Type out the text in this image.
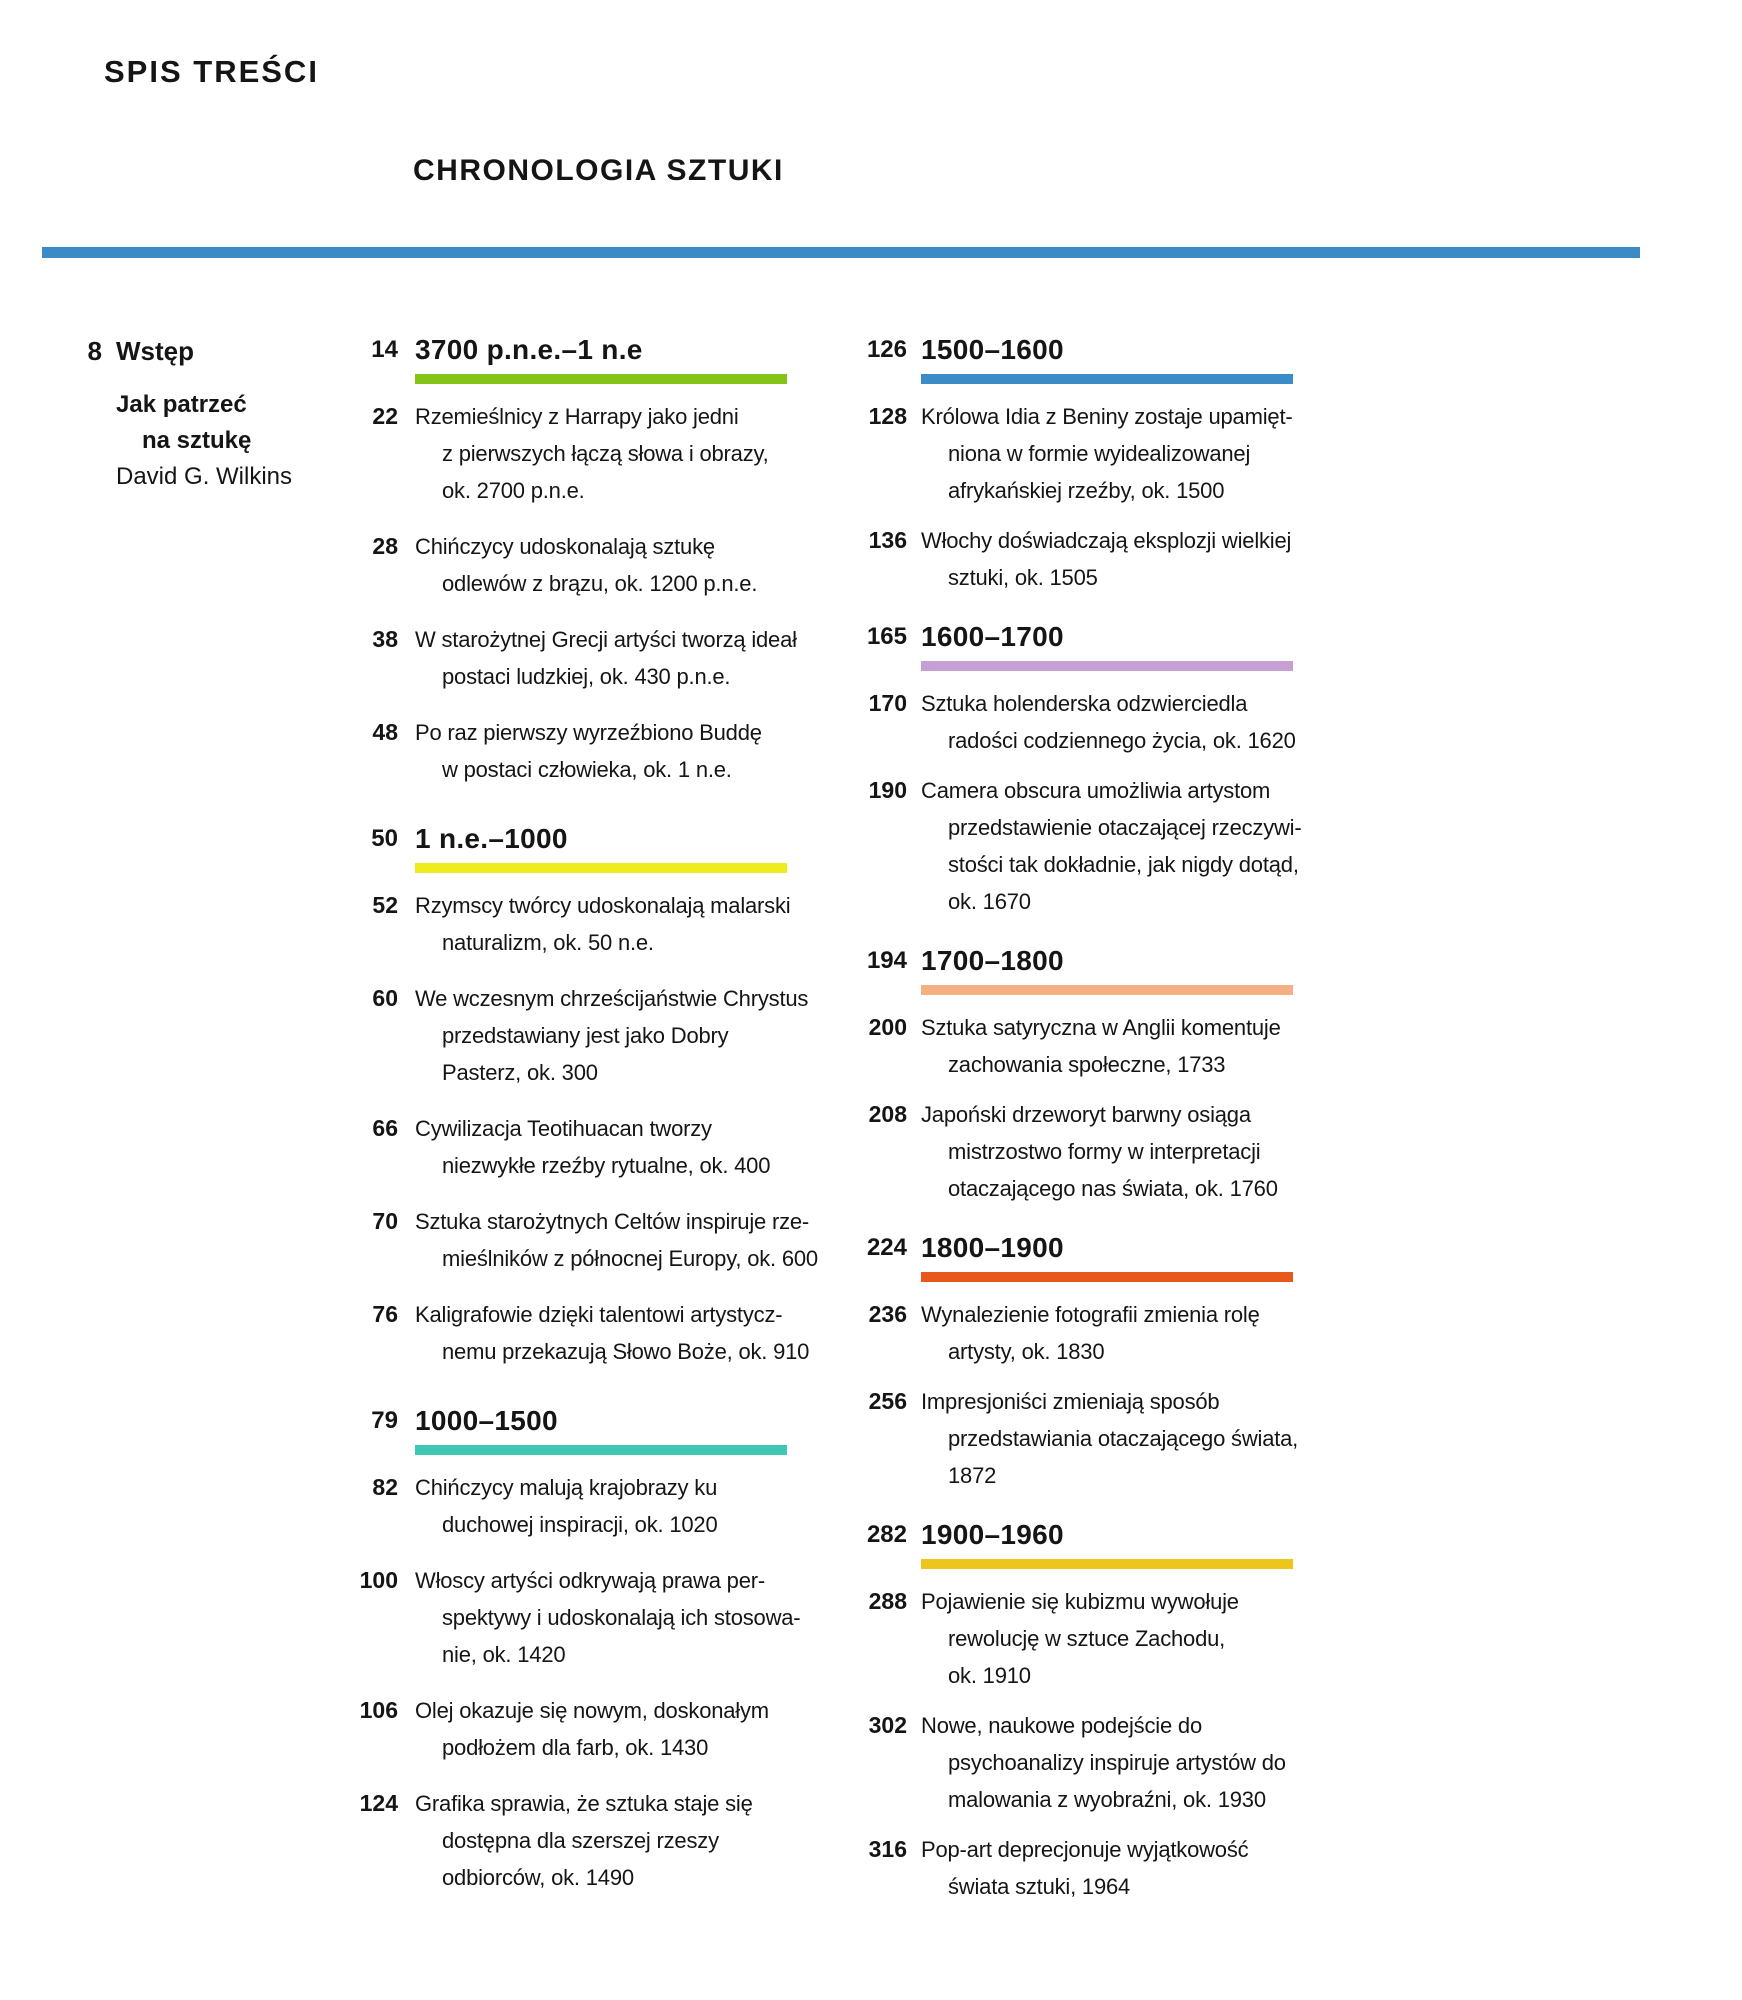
SPIS TREŚCI
CHRONOLOGIA SZTUKI
8 Wstęp
Jak patrzeć
na sztukę
David G. Wilkins
14 3700 p.n.e.–1 n.e
22 Rzemieślnicy z Harrapy jako jedni
z pierwszych łączą słowa i obrazy,
ok. 2700 p.n.e.
28 Chińczycy udoskonalają sztukę
odlewów z brązu, ok. 1200 p.n.e.
38 W starożytnej Grecji artyści tworzą ideał
postaci ludzkiej, ok. 430 p.n.e.
48 Po raz pierwszy wyrzeźbiono Buddę
w postaci człowieka, ok. 1 n.e.
50 1 n.e.–1000
52 Rzymscy twórcy udoskonalają malarski
naturalizm, ok. 50 n.e.
60 We wczesnym chrześcijaństwie Chrystus
przedstawiany jest jako Dobry
Pasterz, ok. 300
66 Cywilizacja Teotihuacan tworzy
niezwykłe rzeźby rytualne, ok. 400
70 Sztuka starożytnych Celtów inspiruje rze-
mieślników z północnej Europy, ok. 600
76 Kaligrafowie dzięki talentowi artystycz-
nemu przekazują Słowo Boże, ok. 910
79 1000–1500
82 Chińczycy malują krajobrazy ku
duchowej inspiracji, ok. 1020
100 Włoscy artyści odkrywają prawa per-
spektywy i udoskonalają ich stosowa-
nie, ok. 1420
106 Olej okazuje się nowym, doskonałym
podłożem dla farb, ok. 1430
124 Grafika sprawia, że sztuka staje się
dostępna dla szerszej rzeszy
odbiorców, ok. 1490
126 1500–1600
128 Królowa Idia z Beniny zostaje upamięt-
niona w formie wyidealizowanej
afrykańskiej rzeźby, ok. 1500
136 Włochy doświadczają eksplozji wielkiej
sztuki, ok. 1505
165 1600–1700
170 Sztuka holenderska odzwierciedla
radości codziennego życia, ok. 1620
190 Camera obscura umożliwia artystom
przedstawienie otaczającej rzeczywi-
stości tak dokładnie, jak nigdy dotąd,
ok. 1670
194 1700–1800
200 Sztuka satyryczna w Anglii komentuje
zachowania społeczne, 1733
208 Japoński drzeworyt barwny osiąga
mistrzostwo formy w interpretacji
otaczającego nas świata, ok. 1760
224 1800–1900
236 Wynalezienie fotografii zmienia rolę
artysty, ok. 1830
256 Impresjoniści zmieniają sposób
przedstawiania otaczającego świata,
1872
282 1900–1960
288 Pojawienie się kubizmu wywołuje
rewolucję w sztuce Zachodu,
ok. 1910
302 Nowe, naukowe podejście do
psychoanalizy inspiruje artystów do
malowania z wyobraźni, ok. 1930
316 Pop-art deprecjonuje wyjątkowość
świata sztuki, 1964
